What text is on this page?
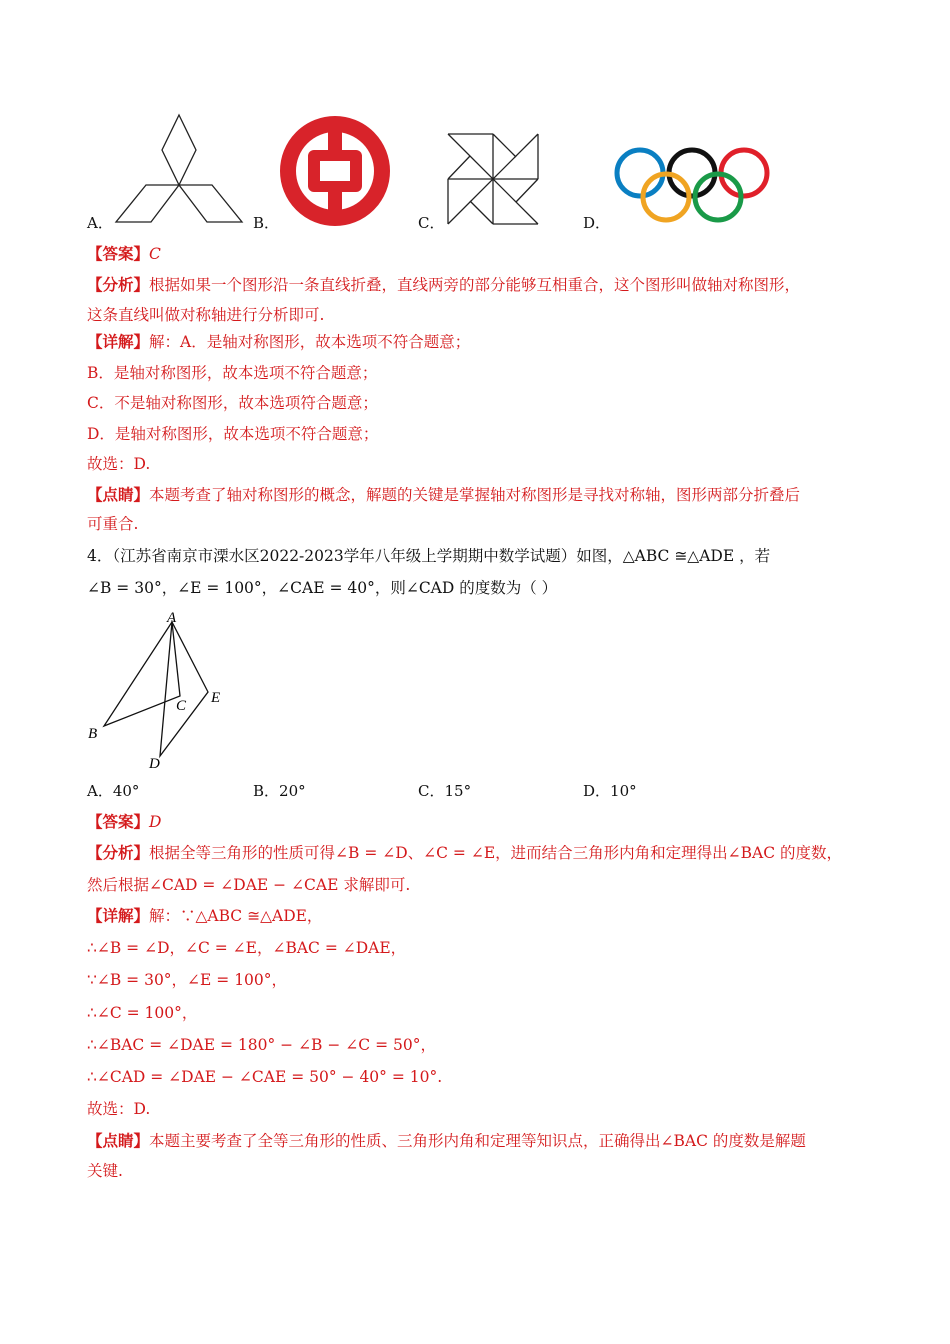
A．	B．	C．	D．
【答案】C
【分析】根据如果一个图形沿一条直线折叠，直线两旁的部分能够互相重合，这个图形叫做轴对称图形，
这条直线叫做对称轴进行分析即可.
【详解】解：A．是轴对称图形，故本选项不符合题意；
B．是轴对称图形，故本选项不符合题意；
C．不是轴对称图形，故本选项符合题意；
D．是轴对称图形，故本选项不符合题意；
故选：D.
【点睛】本题考查了轴对称图形的概念，解题的关键是掌握轴对称图形是寻找对称轴，图形两部分折叠后
可重合.
4．（江苏省南京市溧水区2022-2023学年八年级上学期期中数学试题）如图，△ABC ≅△ADE ，若
∠B = 30°，∠E = 100°，∠CAE = 40°，则∠CAD 的度数为（ ）
A
B
C
D
E
A．40°	B．20°	C．15°	D．10°
【答案】D
【分析】根据全等三角形的性质可得∠B = ∠D、∠C = ∠E，进而结合三角形内角和定理得出∠BAC 的度数，
然后根据∠CAD = ∠DAE − ∠CAE 求解即可.
【详解】解：∵△ABC ≅△ADE，
∴∠B = ∠D，∠C = ∠E，∠BAC = ∠DAE，
∵∠B = 30°，∠E = 100°，
∴∠C = 100°，
∴∠BAC = ∠DAE = 180° − ∠B − ∠C = 50°，
∴∠CAD = ∠DAE − ∠CAE = 50° − 40° = 10°.
故选：D.
【点睛】本题主要考查了全等三角形的性质、三角形内角和定理等知识点，正确得出∠BAC 的度数是解题
关键.
